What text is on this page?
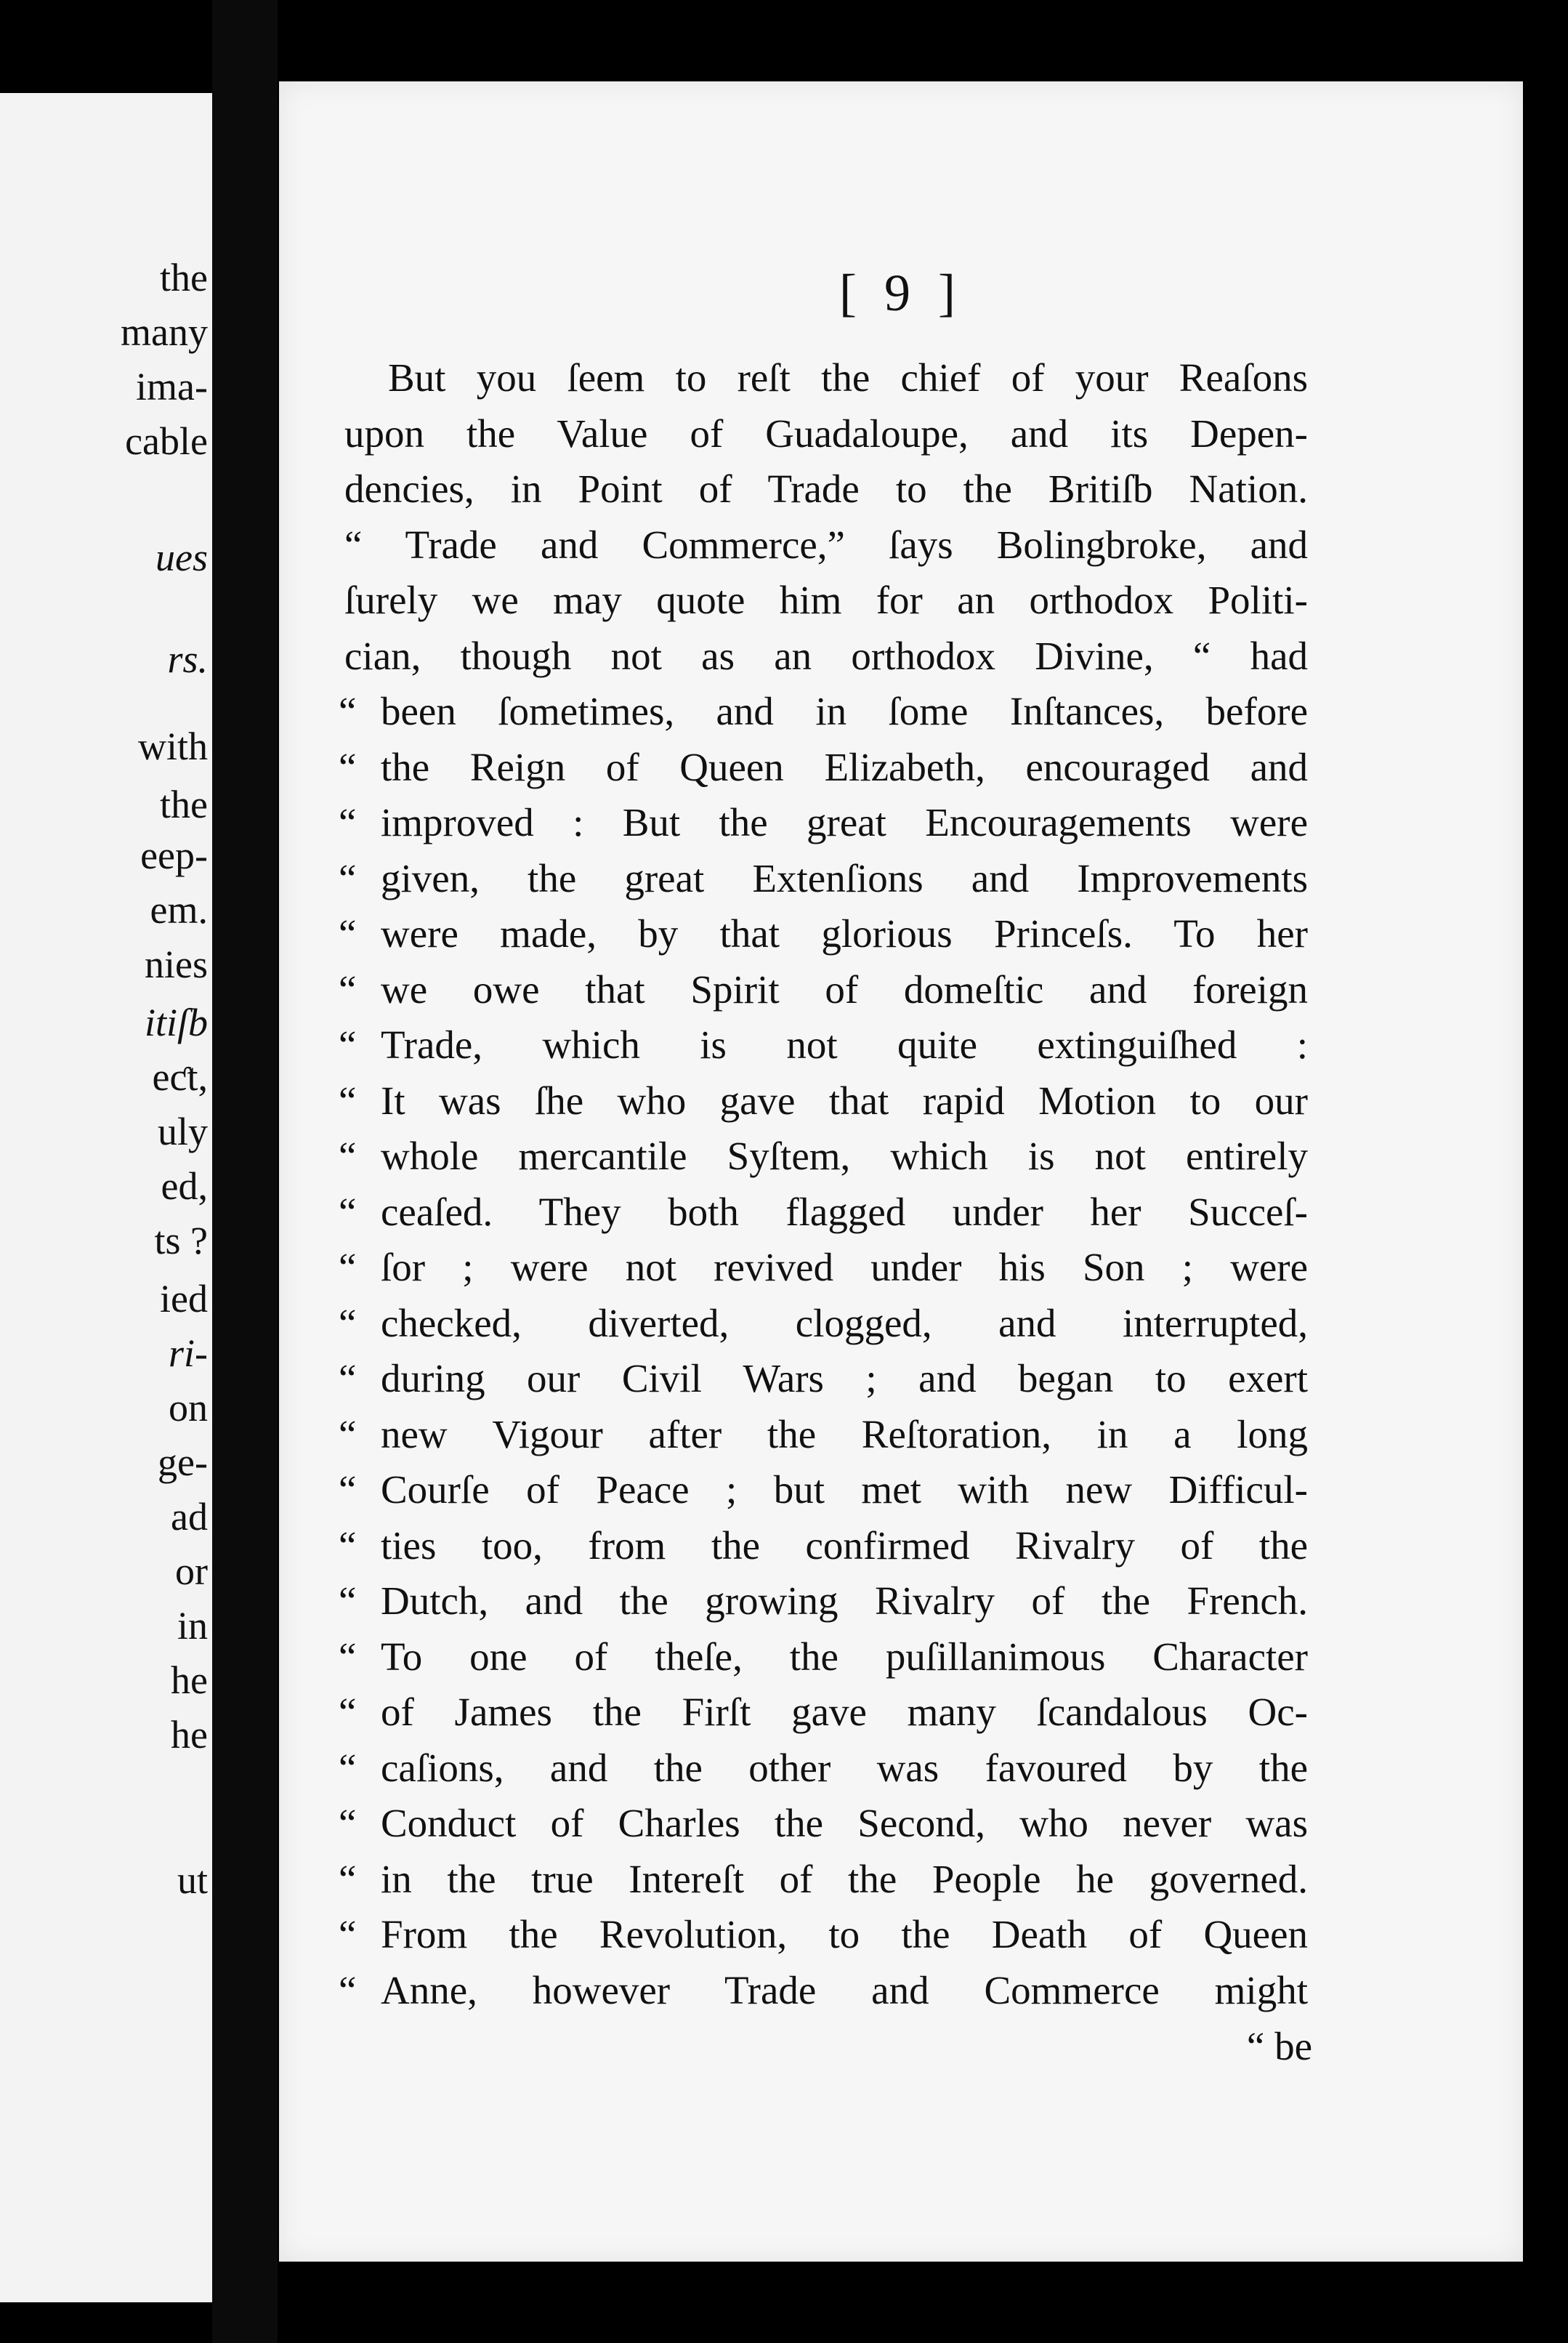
the
many
ima-
cable
ues
rs.
with
the
eep-
em.
nies
itiſb
eƈt,
uly
ed,
ts ?
ied
ri-
on
ge-
ad
or
in
he
he
ut
[ 9 ]
But you ſeem to reſt the chief of your Reaſons
upon the Value of Guadaloupe, and its Depen-
dencies, in Point of Trade to the Britiſb Nation.
“ Trade and Commerce,” ſays Bolingbroke, and
ſurely we may quote him for an orthodox Politi-
cian, though not as an orthodox Divine, “ had
“ been ſometimes, and in ſome Inſtances, before
“ the Reign of Queen Elizabeth, encouraged and
“ improved : But the great Encouragements were
“ given, the great Extenſions and Improvements
“ were made, by that glorious Princeſs. To her
“ we owe that Spirit of domeſtic and foreign
“ Trade, which is not quite extinguiſhed :
“ It was ſhe who gave that rapid Motion to our
“ whole mercantile Syſtem, which is not entirely
“ ceaſed. They both flagged under her Succeſ-
“ ſor ; were not revived under his Son ; were
“ checked, diverted, clogged, and interrupted,
“ during our Civil Wars ; and began to exert
“ new Vigour after the Reſtoration, in a long
“ Courſe of Peace ; but met with new Difficul-
“ ties too, from the confirmed Rivalry of the
“ Dutch, and the growing Rivalry of the French.
“ To one of theſe, the puſillanimous Character
“ of James the Firſt gave many ſcandalous Oc-
“ caſions, and the other was favoured by the
“ Conduct of Charles the Second, who never was
“ in the true Intereſt of the People he governed.
“ From the Revolution, to the Death of Queen
“ Anne, however Trade and Commerce might
“ be
